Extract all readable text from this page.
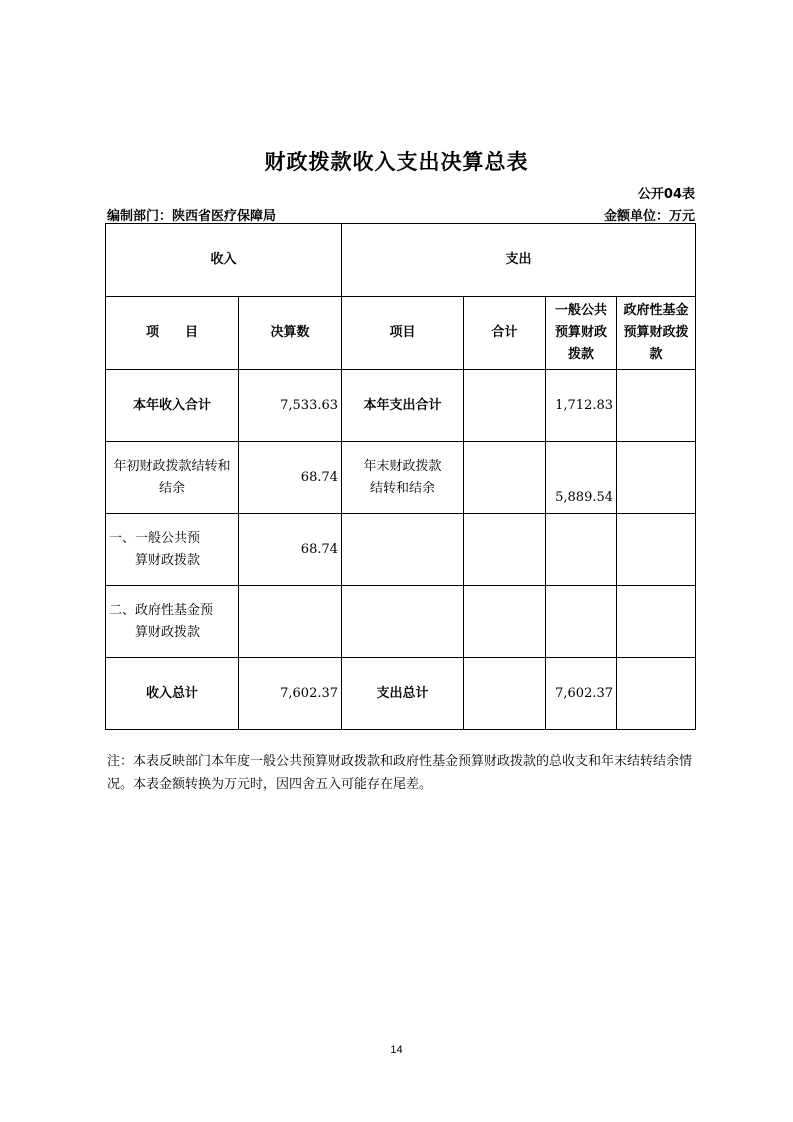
财政拨款收入支出决算总表
公开04表
编制部门：陕西省医疗保障局	金额单位：万元
收入		支出			
项　　目	决算数	项目	合计	一般公共预算财政拨款	政府性基金预算财政拨款
本年收入合计	7,533.63	本年支出合计		1,712.83	
年初财政拨款结转和结余	68.74	年末财政拨款结转和结余		5,889.54	
一、一般公共预
算财政拨款	68.74				
二、政府性基金预
算财政拨款					

收入总计	7,602.37	支出总计		7,602.37	
注：本表反映部门本年度一般公共预算财政拨款和政府性基金预算财政拨款的总收支和年末结转结余情况。本表金额转换为万元时，因四舍五入可能存在尾差。
14
